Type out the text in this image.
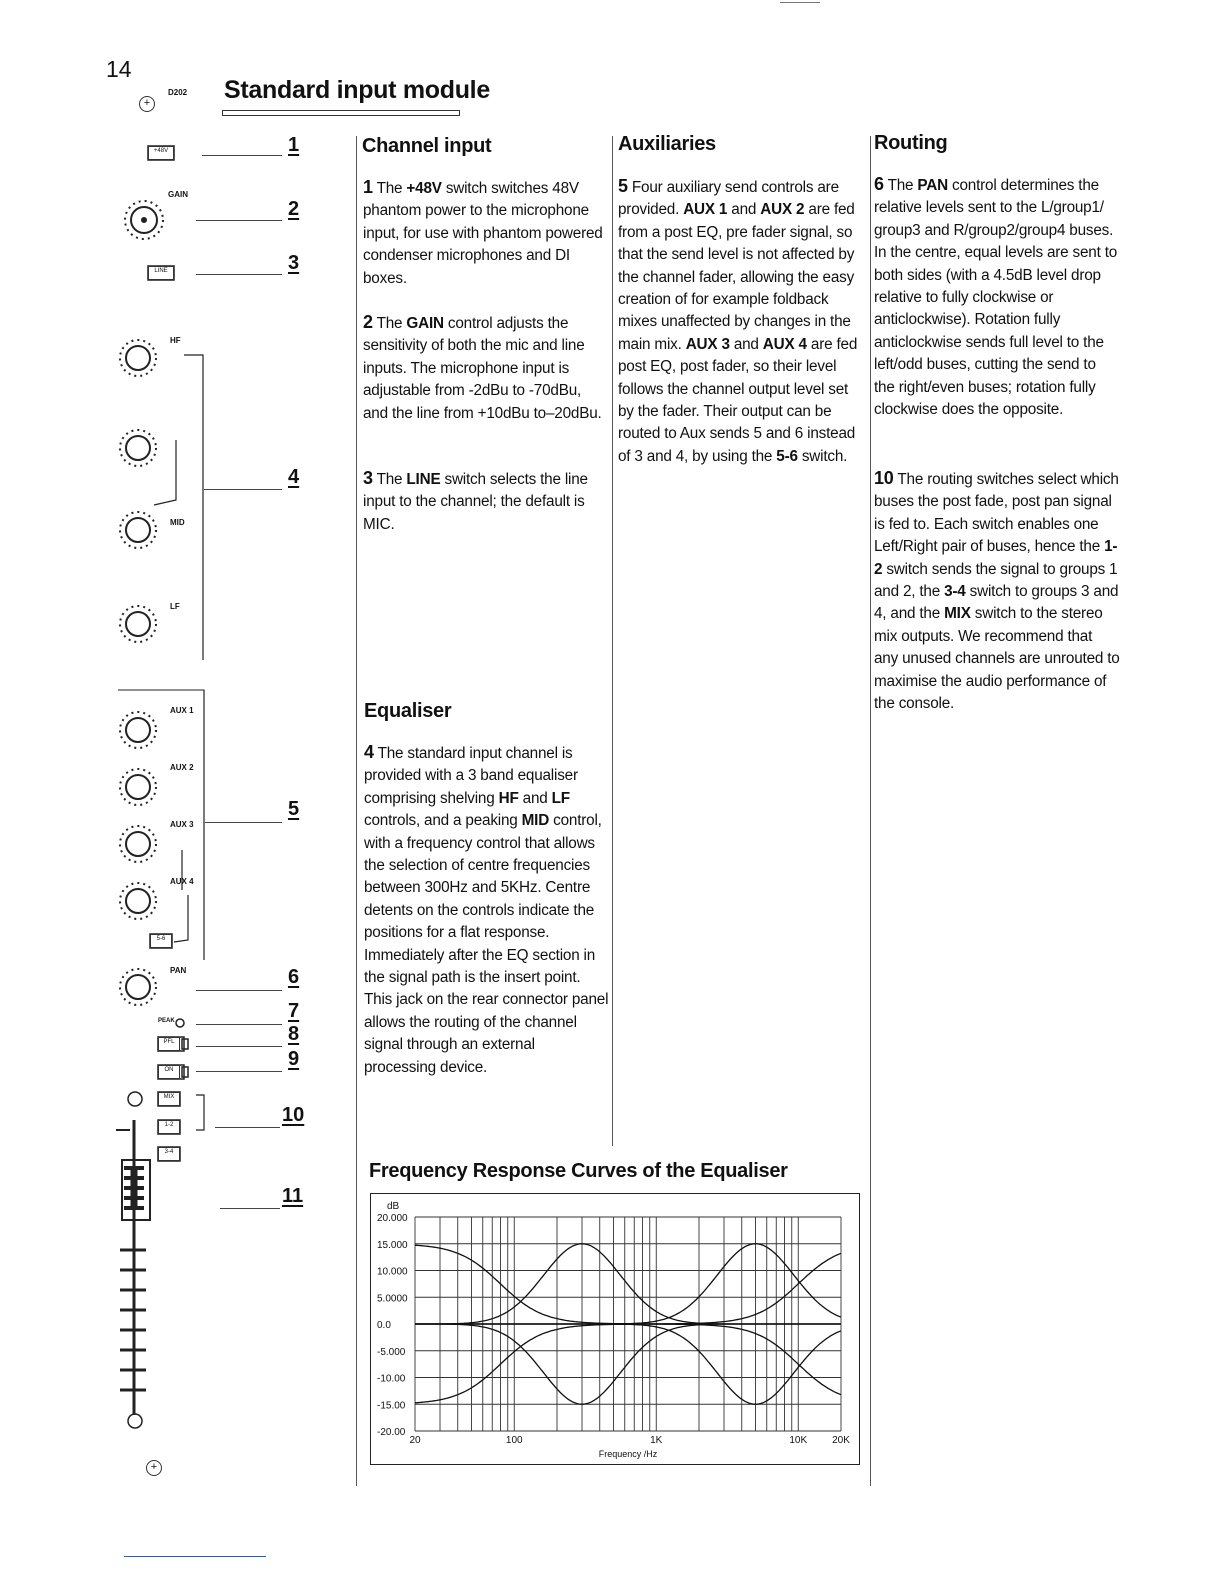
14
+
D202 Standard input module
GAIN
HF
MID
LF
AUX 1
AUX 2
AUX 3
AUX 4
PAN
PEAK
+48V
LINE
5-6
PFL
ON
MIX
1-2
3-4
+
1
2
3
4
5
6
7
8
9
10
11
Channel input
1 The +48V switch switches 48V phantom power to the microphone input, for use with phantom powered condenser microphones and DI boxes.
2 The GAIN control adjusts the sensitivity of both the mic and line inputs. The microphone input is adjustable from -2dBu to -70dBu, and the line from +10dBu to–20dBu.
3 The LINE switch selects the line input to the channel; the default is MIC.
Equaliser
4 The standard input channel is provided with a 3 band equaliser comprising shelving HF and LF controls, and a peaking MID control, with a frequency control that allows the selection of centre frequencies between 300Hz and 5KHz. Centre detents on the controls indicate the positions for a flat response. Immediately after the EQ section in the signal path is the insert point. This jack on the rear connector panel allows the routing of the channel signal through an external processing device.
Auxiliaries
5 Four auxiliary send controls are provided. AUX 1 and AUX 2 are fed from a post EQ, pre fader signal, so that the send level is not affected by the channel fader, allowing the easy creation of for example foldback mixes unaffected by changes in the main mix. AUX 3 and AUX 4 are fed post EQ, post fader, so their level follows the channel output level set by the fader. Their output can be routed to Aux sends 5 and 6 instead of 3 and 4, by using the 5-6 switch.
Routing
6 The PAN control determines the relative levels sent to the L/group1/ group3 and R/group2/group4 buses. In the centre, equal levels are sent to both sides (with a 4.5dB level drop relative to fully clockwise or anticlockwise). Rotation fully anticlockwise sends full level to the left/odd buses, cutting the send to the right/even buses; rotation fully clockwise does the opposite.
10 The routing switches select which buses the post fade, post pan signal is fed to. Each switch enables one Left/Right pair of buses, hence the 1-2 switch sends the signal to groups 1 and 2, the 3-4 switch to groups 3 and 4, and the MIX switch to the stereo mix outputs. We recommend that any unused channels are unrouted to maximise the audio performance of the console.
Frequency Response Curves of the Equaliser
20.000
15.000
10.000
5.0000
0.0
-5.000
-10.00
-15.00
-20.00
dB
20	100	1K	10K 20K
Frequency /Hz
